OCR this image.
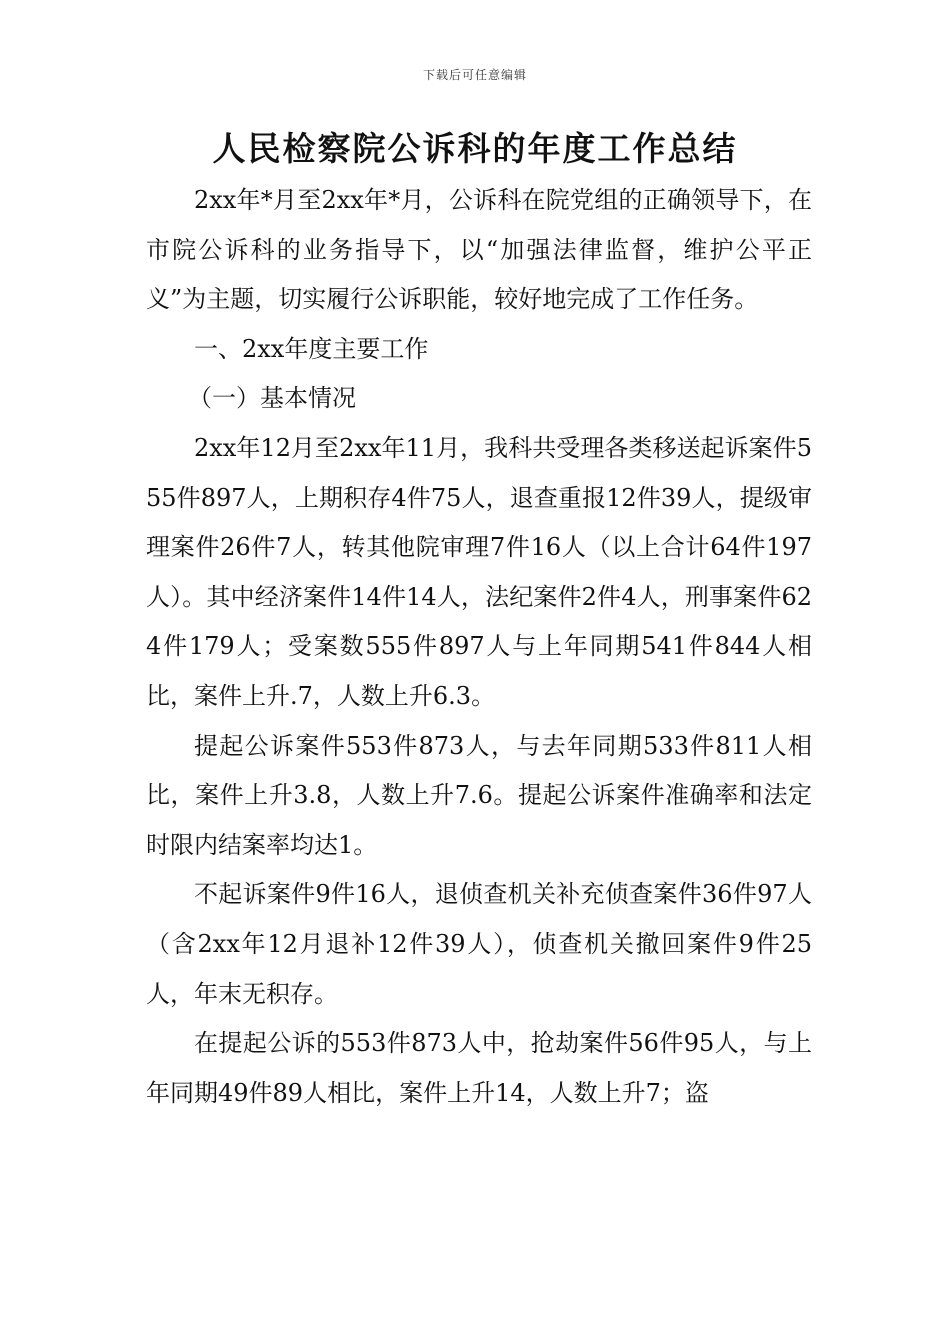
下载后可任意编辑
人民检察院公诉科的年度工作总结

2xx年*月至2xx年*月，公诉科在院党组的正确领导下，在市院公诉科的业务指导下，以“加强法律监督，维护公平正义”为主题，切实履行公诉职能，较好地完成了工作任务。

一、2xx年度主要工作

（一）基本情况

2xx年12月至2xx年11月，我科共受理各类移送起诉案件555件897人，上期积存4件75人，退查重报12件39人，提级审理案件26件7人，转其他院审理7件16人（以上合计64件197人）。其中经济案件14件14人，法纪案件2件4人，刑事案件624件179人；受案数555件897人与上年同期541件844人相比，案件上升.7，人数上升6.3。

提起公诉案件553件873人，与去年同期533件811人相比，案件上升3.8，人数上升7.6。提起公诉案件准确率和法定时限内结案率均达1。

不起诉案件9件16人，退侦查机关补充侦查案件36件97人（含2xx年12月退补12件39人），侦查机关撤回案件9件25人，年末无积存。

在提起公诉的553件873人中，抢劫案件56件95人，与上年同期49件89人相比，案件上升14，人数上升7；盗
